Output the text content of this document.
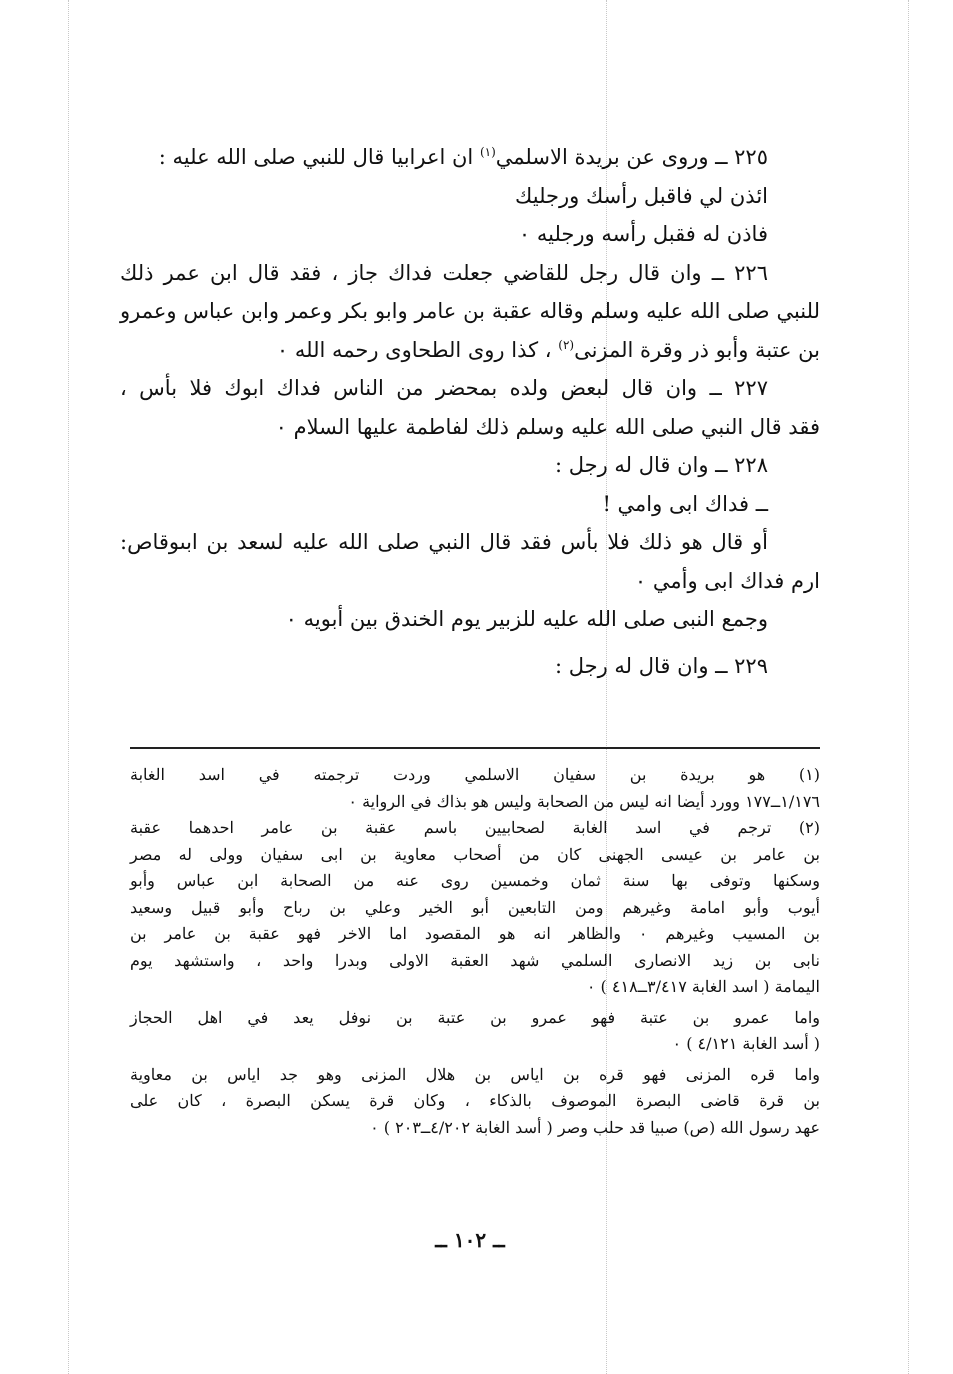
٢٢٥ ــ وروى عن بريدة الاسلمي$^{(١)}$ ان اعرابيا قال للنبي صلى الله عليه :

ائذن لي فاقبل رأسك ورجليك

فاذن له فقبل رأسه ورجليه ٠

٢٢٦ ــ وان قال رجل للقاضي جعلت فداك جاز ، فقد قال ابن عمر ذلك

للنبي صلى الله عليه وسلم وقاله عقبة بن عامر وابو بكر وعمر وابن عباس وعمرو

بن عتبة وأبو ذر وقرة المزنى$^{(٢)}$ ، كذا روى الطحاوى رحمه الله ٠

٢٢٧ ــ وان قال لبعض ولده بمحضر من الناس فداك ابوك فلا بأس ،

فقد قال النبي صلى الله عليه وسلم ذلك لفاطمة عليها السلام ٠

٢٢٨ ــ وان قال له رجل :

ــ فداك ابى وامي !

أو قال هو ذلك فلا بأس فقد قال النبي صلى الله عليه لسعد بن ابىوقاص:

ارم فداك ابى وأمي ٠

وجمع النبى صلى الله عليه للزبير يوم الخندق بين أبويه ٠

٢٢٩ ــ وان قال له رجل :

(١) هو بريدة بن سفيان الاسلمي وردت ترجمته في اسد الغابة

١/١٧٦ــ١٧٧ وورد أيضا انه ليس من الصحابة وليس هو بذاك في الرواية ٠

(٢) ترجم في اسد الغابة لصحابيين باسم عقبة بن عامر احدهما عقبة

بن عامر بن عيسى الجهنى كان من أصحاب معاوية بن ابى سفيان وولى له مصر

وسكنها وتوفى بها سنة ثمان وخمسين روى عنه من الصحابة ابن عباس وأبو

أيوب وأبو امامة وغيرهم ومن التابعين أبو الخير وعلي بن رباح وأبو قبيل وسعيد

بن المسيب وغيرهم ٠ والظاهر انه هو المقصود اما الاخر فهو عقبة بن عامر بن

نابى بن زيد الانصارى السلمي شهد العقبة الاولى وبدرا واحد ، واستشهد يوم

اليمامة ( اسد الغابة ٣/٤١٧ــ٤١٨ ) ٠

واما عمرو بن عتبة فهو عمرو بن عتبة بن نوفل يعد في اهل الحجاز

( أسد الغابة ٤/١٢١ ) ٠

واما قره المزنى فهو قره بن اياس بن هلال المزنى وهو جد اياس بن معاوية

بن قرة قاضى البصرة الموصوف بالذكاء ، وكان قرة يسكن البصرة ، كان على

عهد رسول الله (ص) صبيا قد حلب وصر ( أسد الغابة ٤/٢٠٢ــ٢٠٣ ) ٠

ــ ١٠٢ ــ
